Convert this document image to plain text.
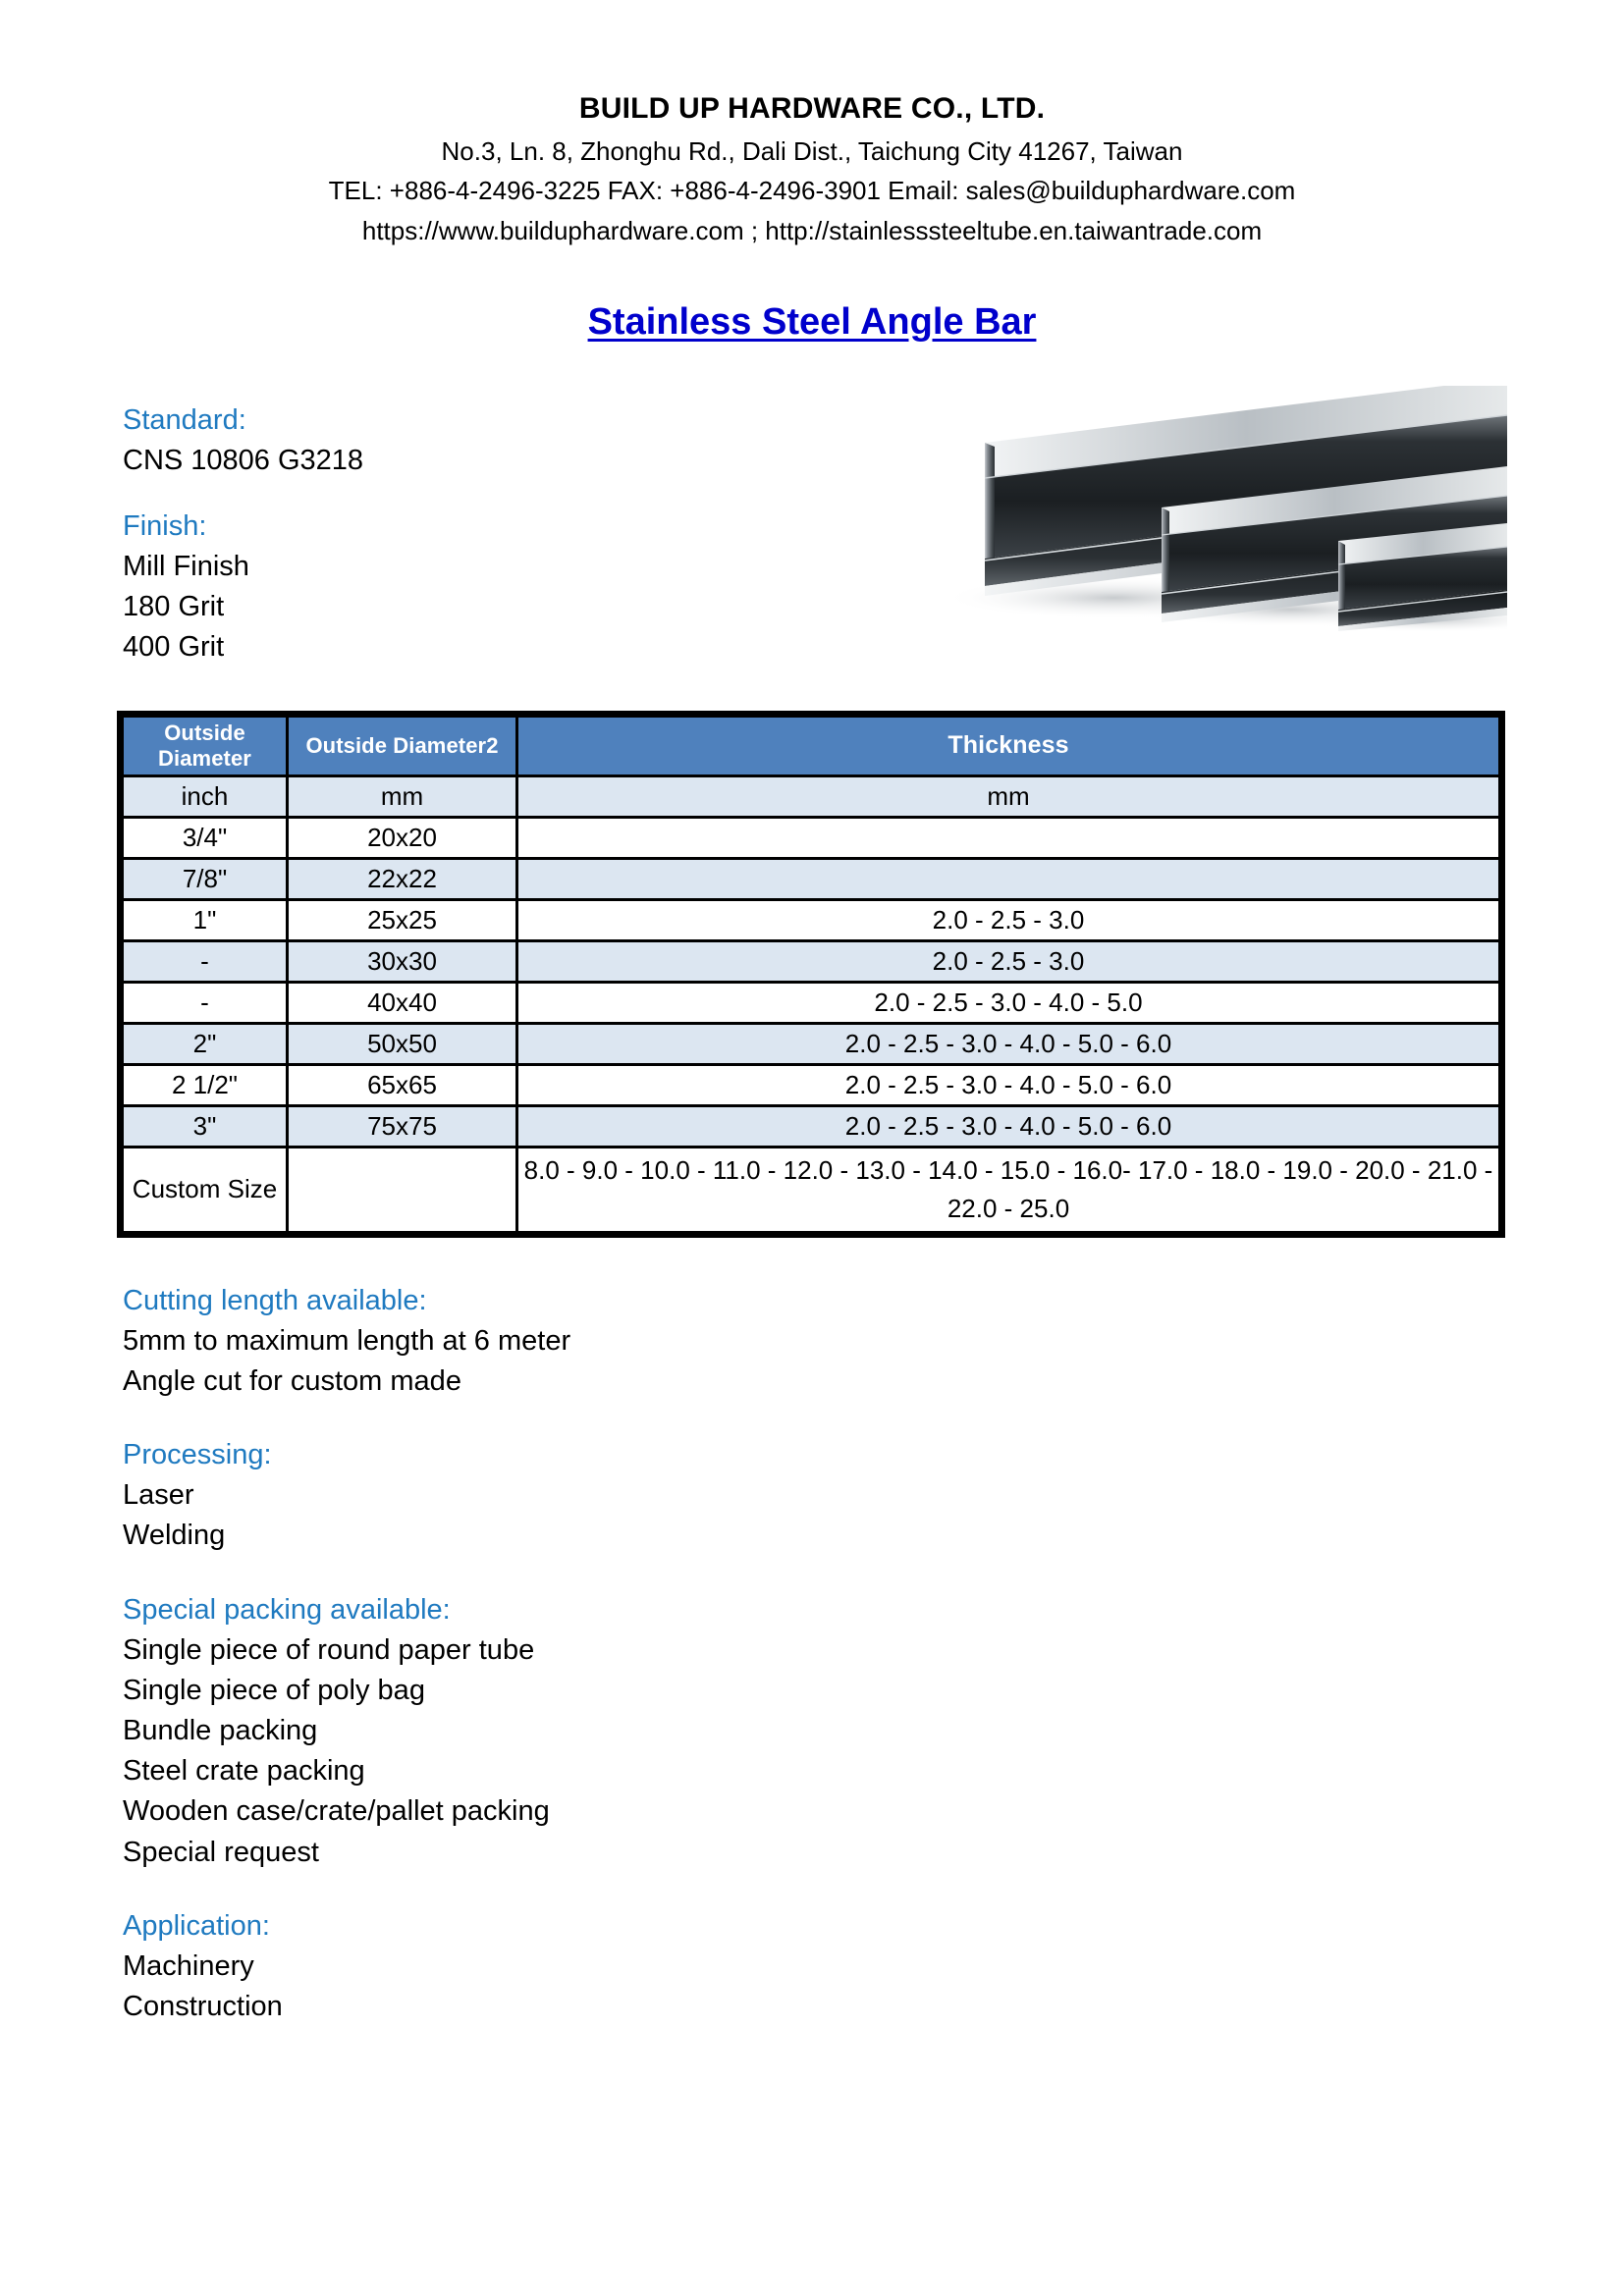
BUILD UP HARDWARE CO., LTD.
No.3, Ln. 8, Zhonghu Rd., Dali Dist., Taichung City 41267, Taiwan
TEL: +886-4-2496-3225 FAX: +886-4-2496-3901 Email: sales@builduphardware.com
https://www.builduphardware.com ; http://stainlesssteeltube.en.taiwantrade.com
Stainless Steel Angle Bar
Standard:
CNS 10806 G3218
Finish:
Mill Finish
180 Grit
400 Grit
Outside Diameter	Outside Diameter2	Thickness
inch	mm	mm
3/4"	20x20	
7/8"	22x22	
1"	25x25	2.0 - 2.5 - 3.0
-	30x30	2.0 - 2.5 - 3.0
-	40x40	2.0 - 2.5 - 3.0 - 4.0 - 5.0
2"	50x50	2.0 - 2.5 - 3.0 - 4.0 - 5.0 - 6.0
2 1/2"	65x65	2.0 - 2.5 - 3.0 - 4.0 - 5.0 - 6.0
3"	75x75	2.0 - 2.5 - 3.0 - 4.0 - 5.0 - 6.0
Custom Size		8.0 - 9.0 - 10.0 - 11.0 - 12.0 - 13.0 - 14.0 - 15.0 - 16.0- 17.0 - 18.0 - 19.0 - 20.0 - 21.0 - 22.0 - 25.0
Cutting length available:
5mm to maximum length at 6 meter
Angle cut for custom made
Processing:
Laser
Welding
Special packing available:
Single piece of round paper tube
Single piece of poly bag
Bundle packing
Steel crate packing
Wooden case/crate/pallet packing
Special request
Application:
Machinery
Construction
